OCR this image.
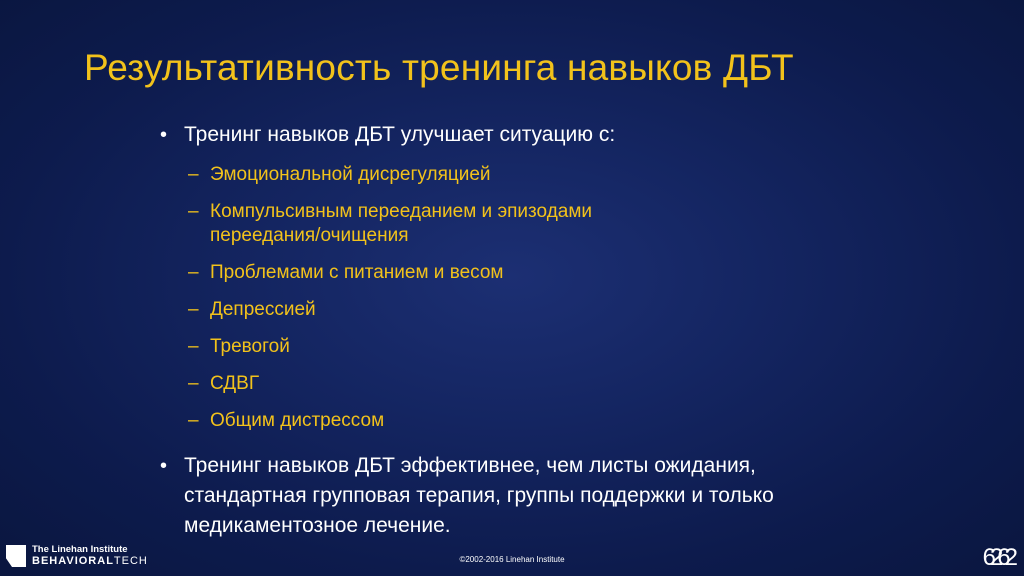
Результативность тренинга навыков ДБТ
• Тренинг навыков ДБТ улучшает ситуацию с:
– Эмоциональной дисрегуляцией
– Компульсивным перееданием и эпизодами переедания/очищения
– Проблемами с питанием и весом
– Депрессией
– Тревогой
– СДВГ
– Общим дистрессом
• Тренинг навыков ДБТ эффективнее, чем листы ожидания, стандартная групповая терапия, группы поддержки и только медикаментозное лечение.
The Linehan Institute
BEHAVIORALTECH	©2002-2016 Linehan Institute	6262
